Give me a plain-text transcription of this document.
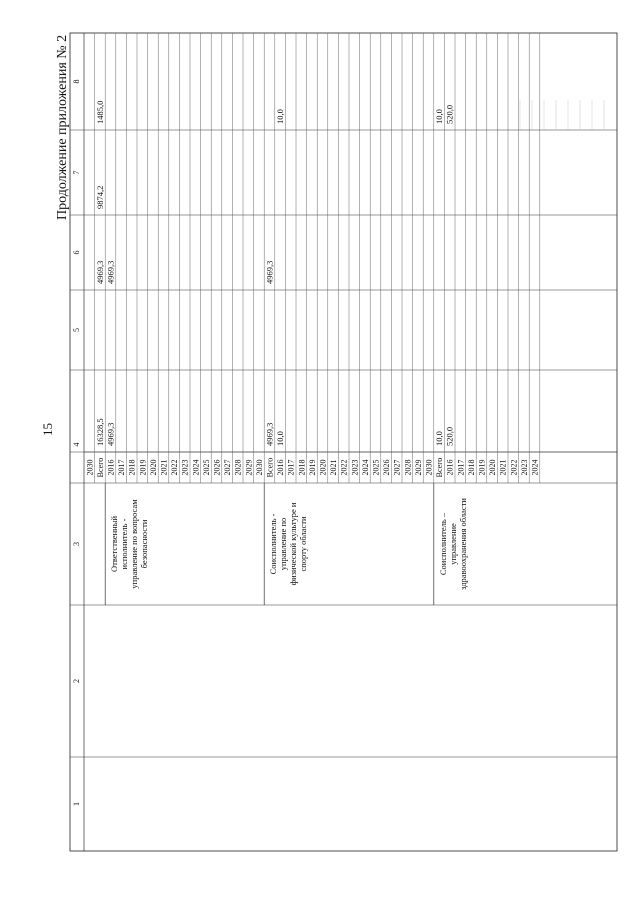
1
2
3
4
5
6
7
8
2030 Всего
16328,5
4969,3
9874,2
1485,0
2016
4969,3
4969,3
2017 2018 2019 2020 2021 2022 2023 2024 2025 2026 2027 2028 2029 2030 Всего
4969,3
4969,3
2016
10,0
10,0
2017 2018 2019 2020 2021 2022 2023 2024 2025 2026 2027 2028 2029 2030 Всего
10,0
10,0
2016
520,0
520,0
2017 2018 2019 2020 2021 2022 2023 2024
Ответственный исполнитель - управление по вопросам безопасности	Соисполнитель - управление по физической культуре и спорту области	Соисполнитель – управление здравоохранения области
15
Продолжение приложения № 2
